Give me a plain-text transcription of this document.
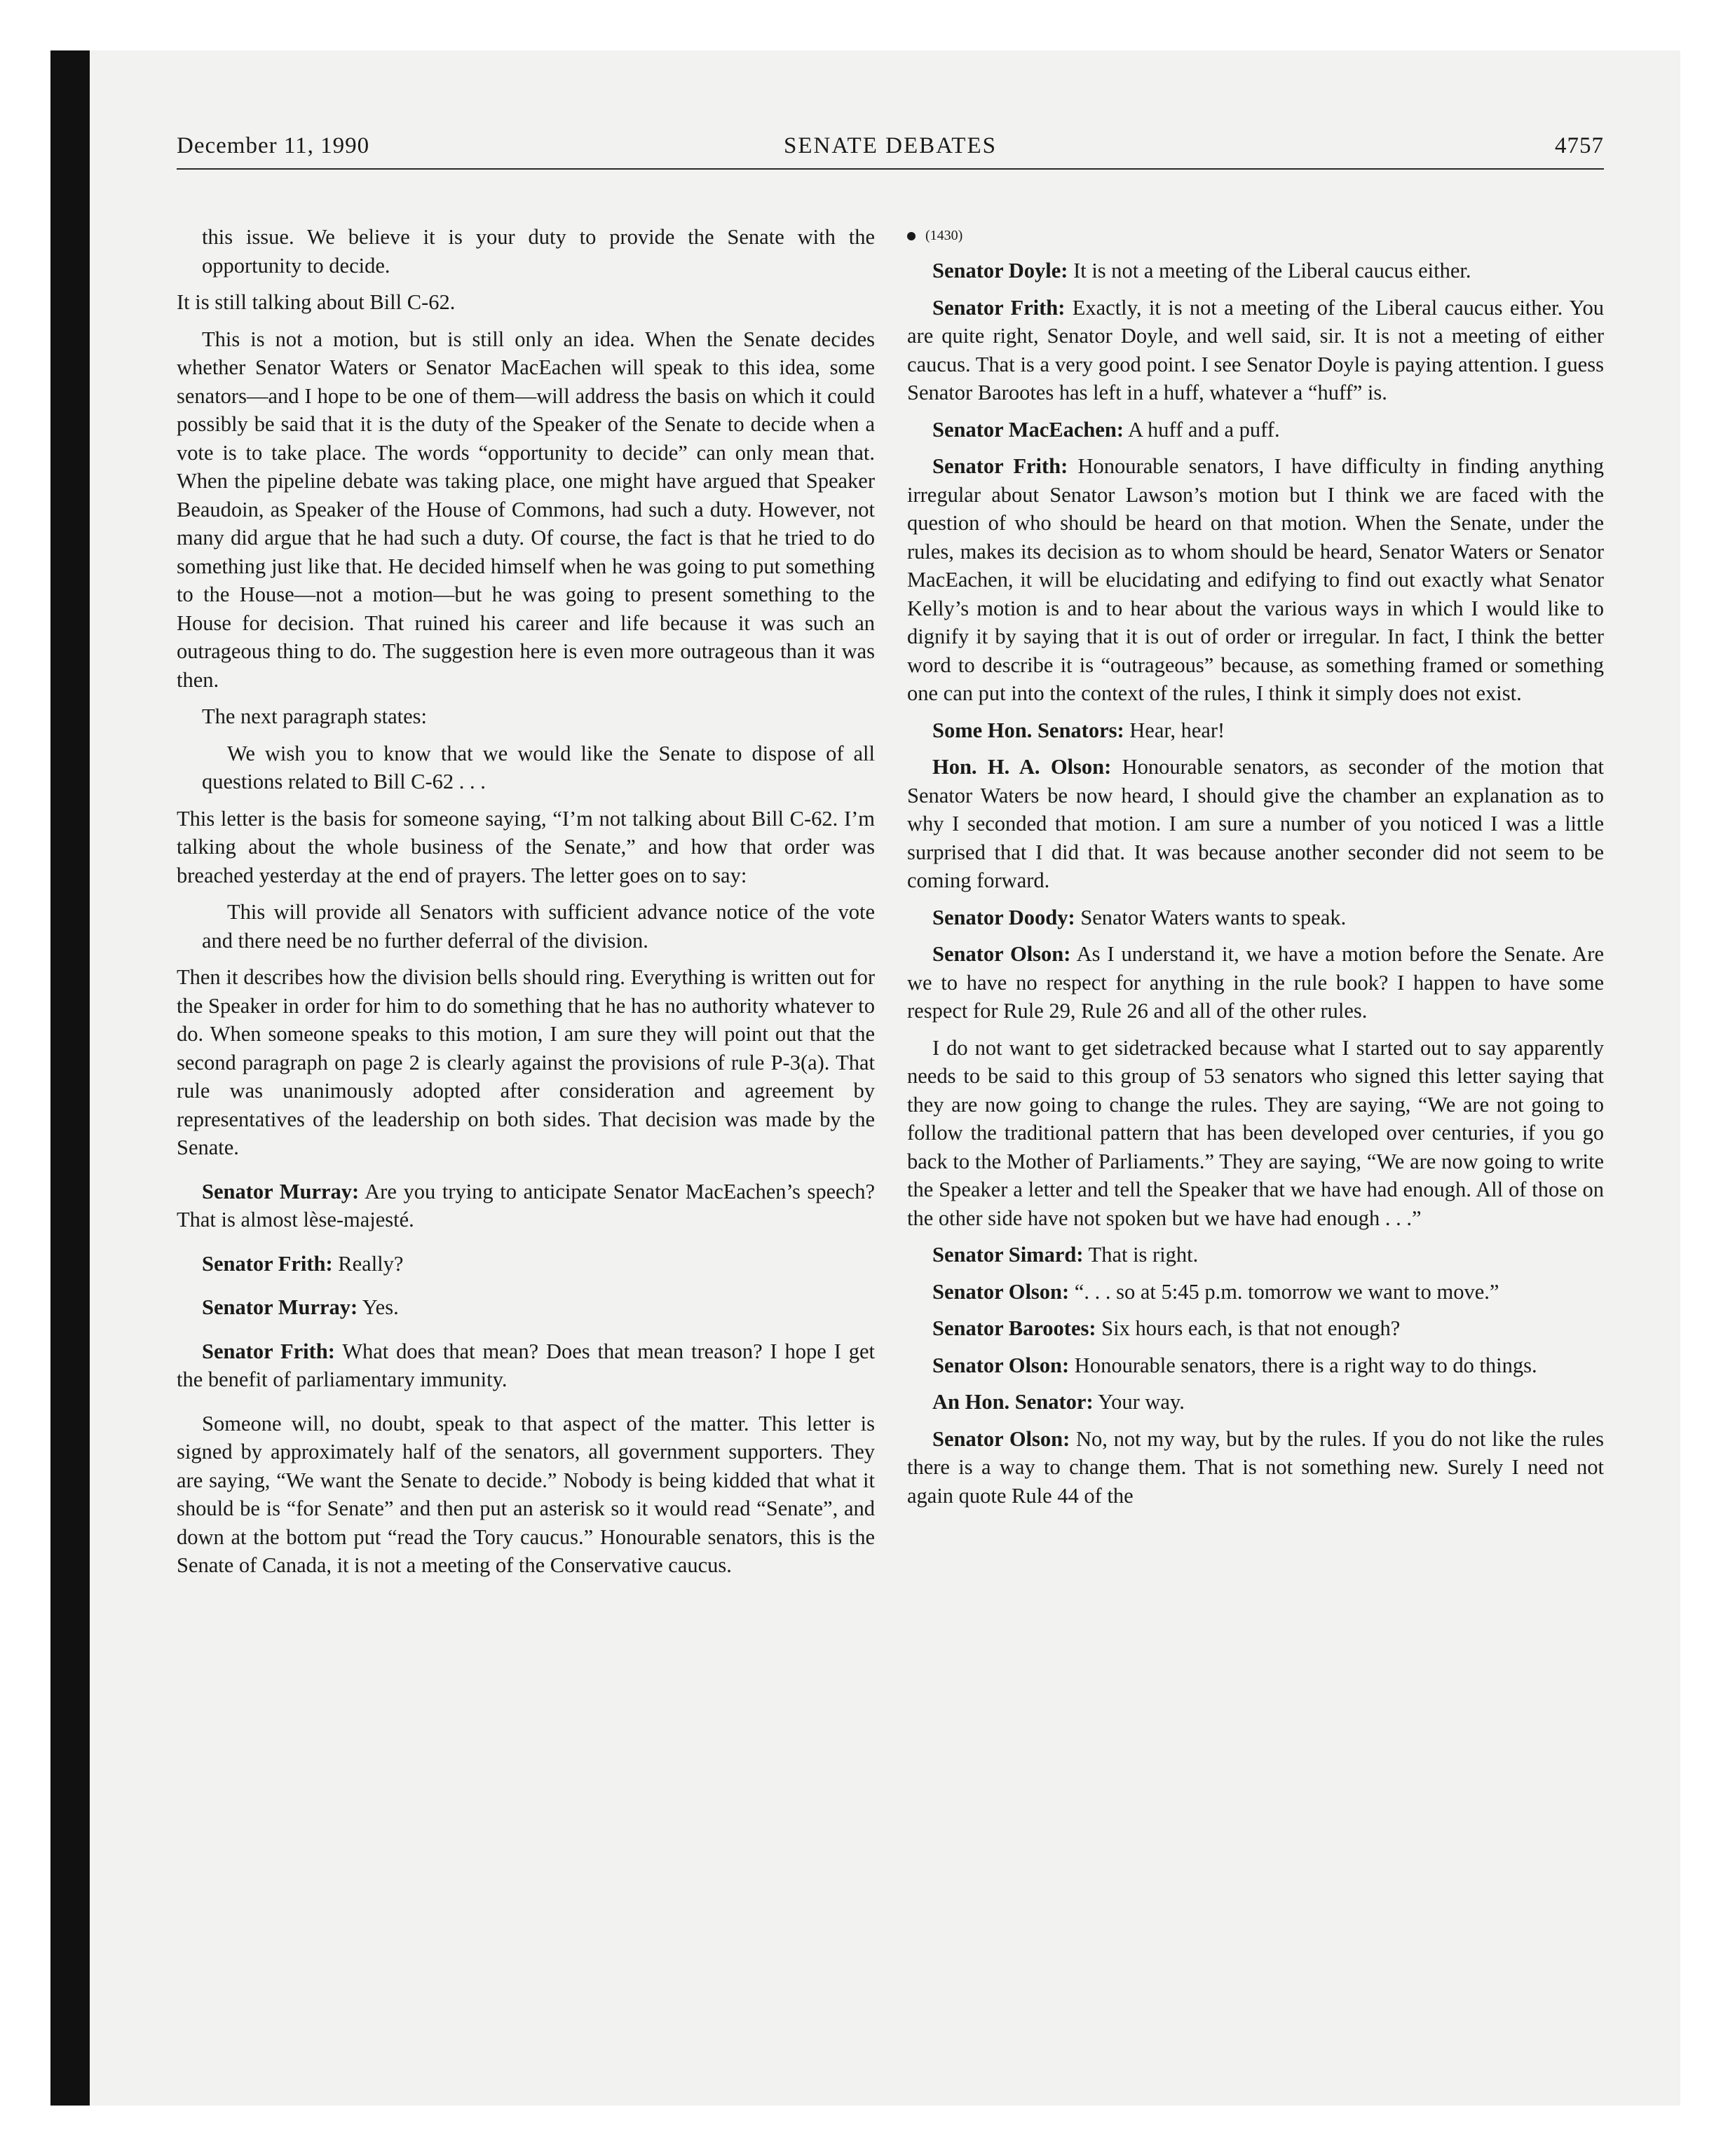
December 11, 1990	SENATE DEBATES	4757

this issue. We believe it is your duty to provide the Senate with the opportunity to decide.

It is still talking about Bill C-62.

This is not a motion, but is still only an idea. When the Senate decides whether Senator Waters or Senator MacEachen will speak to this idea, some senators—and I hope to be one of them—will address the basis on which it could possibly be said that it is the duty of the Speaker of the Senate to decide when a vote is to take place. The words “opportunity to decide” can only mean that. When the pipeline debate was taking place, one might have argued that Speaker Beaudoin, as Speaker of the House of Commons, had such a duty. However, not many did argue that he had such a duty. Of course, the fact is that he tried to do something just like that. He decided himself when he was going to put something to the House—not a motion—but he was going to present something to the House for decision. That ruined his career and life because it was such an outrageous thing to do. The suggestion here is even more outrageous than it was then.

The next paragraph states:

We wish you to know that we would like the Senate to dispose of all questions related to Bill C-62 . . .

This letter is the basis for someone saying, “I’m not talking about Bill C-62. I’m talking about the whole business of the Senate,” and how that order was breached yesterday at the end of prayers. The letter goes on to say:

This will provide all Senators with sufficient advance notice of the vote and there need be no further deferral of the division.

Then it describes how the division bells should ring. Everything is written out for the Speaker in order for him to do something that he has no authority whatever to do. When someone speaks to this motion, I am sure they will point out that the second paragraph on page 2 is clearly against the provisions of rule P-3(a). That rule was unanimously adopted after consideration and agreement by representatives of the leadership on both sides. That decision was made by the Senate.

Senator Murray: Are you trying to anticipate Senator MacEachen’s speech? That is almost lèse-majesté.

Senator Frith: Really?

Senator Murray: Yes.

Senator Frith: What does that mean? Does that mean treason? I hope I get the benefit of parliamentary immunity.

Someone will, no doubt, speak to that aspect of the matter. This letter is signed by approximately half of the senators, all government supporters. They are saying, “We want the Senate to decide.” Nobody is being kidded that what it should be is “for Senate” and then put an asterisk so it would read “Senate”, and down at the bottom put “read the Tory caucus.” Honourable senators, this is the Senate of Canada, it is not a meeting of the Conservative caucus.

(1430)

Senator Doyle: It is not a meeting of the Liberal caucus either.

Senator Frith: Exactly, it is not a meeting of the Liberal caucus either. You are quite right, Senator Doyle, and well said, sir. It is not a meeting of either caucus. That is a very good point. I see Senator Doyle is paying attention. I guess Senator Barootes has left in a huff, whatever a “huff” is.

Senator MacEachen: A huff and a puff.

Senator Frith: Honourable senators, I have difficulty in finding anything irregular about Senator Lawson’s motion but I think we are faced with the question of who should be heard on that motion. When the Senate, under the rules, makes its decision as to whom should be heard, Senator Waters or Senator MacEachen, it will be elucidating and edifying to find out exactly what Senator Kelly’s motion is and to hear about the various ways in which I would like to dignify it by saying that it is out of order or irregular. In fact, I think the better word to describe it is “outrageous” because, as something framed or something one can put into the context of the rules, I think it simply does not exist.

Some Hon. Senators: Hear, hear!

Hon. H. A. Olson: Honourable senators, as seconder of the motion that Senator Waters be now heard, I should give the chamber an explanation as to why I seconded that motion. I am sure a number of you noticed I was a little surprised that I did that. It was because another seconder did not seem to be coming forward.

Senator Doody: Senator Waters wants to speak.

Senator Olson: As I understand it, we have a motion before the Senate. Are we to have no respect for anything in the rule book? I happen to have some respect for Rule 29, Rule 26 and all of the other rules.

I do not want to get sidetracked because what I started out to say apparently needs to be said to this group of 53 senators who signed this letter saying that they are now going to change the rules. They are saying, “We are not going to follow the traditional pattern that has been developed over centuries, if you go back to the Mother of Parliaments.” They are saying, “We are now going to write the Speaker a letter and tell the Speaker that we have had enough. All of those on the other side have not spoken but we have had enough . . .”

Senator Simard: That is right.

Senator Olson: “. . . so at 5:45 p.m. tomorrow we want to move.”

Senator Barootes: Six hours each, is that not enough?

Senator Olson: Honourable senators, there is a right way to do things.

An Hon. Senator: Your way.

Senator Olson: No, not my way, but by the rules. If you do not like the rules there is a way to change them. That is not something new. Surely I need not again quote Rule 44 of the
